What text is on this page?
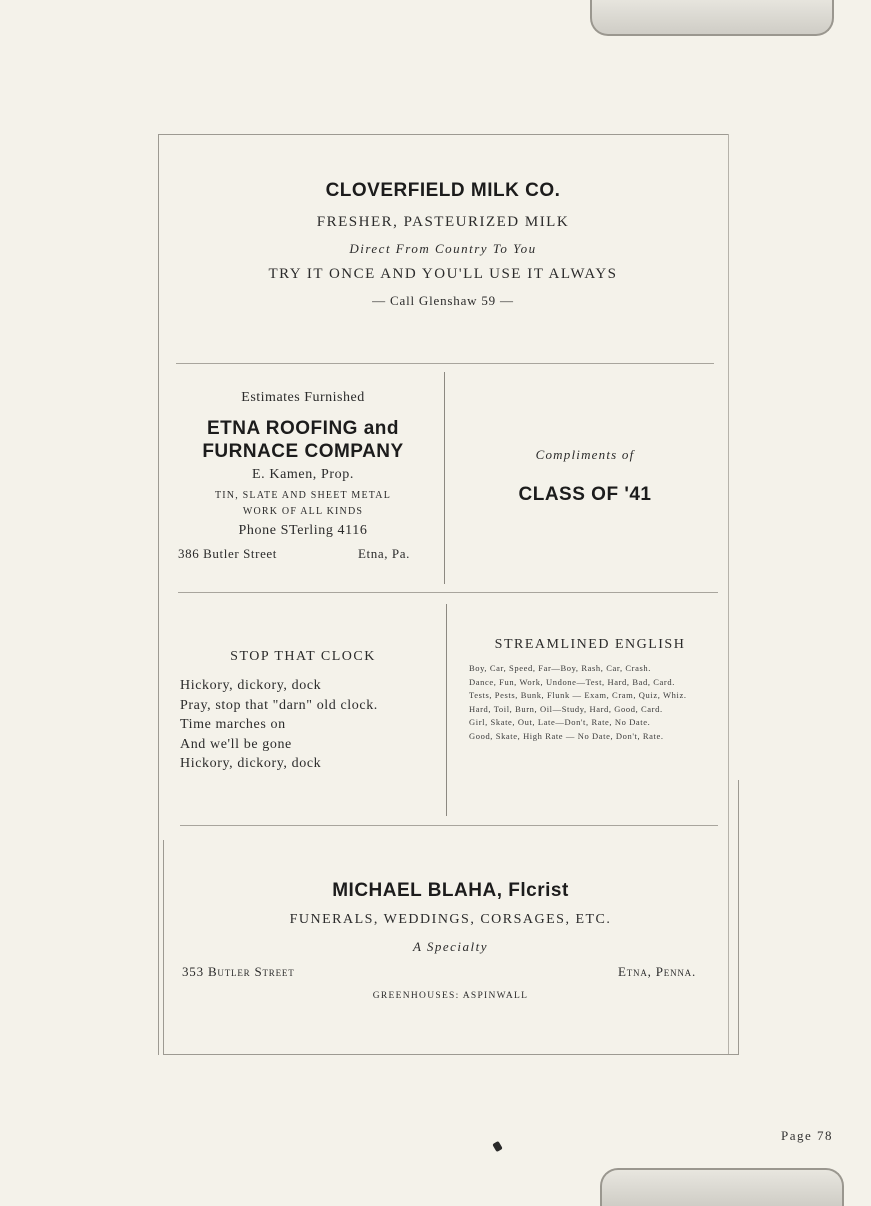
CLOVERFIELD MILK CO.
FRESHER, PASTEURIZED MILK
Direct From Country To You
TRY IT ONCE AND YOU'LL USE IT ALWAYS
— Call Glenshaw 59 —
Estimates Furnished
ETNA ROOFING and
FURNACE COMPANY
E. Kamen, Prop.
TIN, SLATE AND SHEET METAL
WORK OF ALL KINDS
Phone STerling 4116
386 Butler Street	Etna, Pa.
Compliments of
CLASS OF '41
STOP THAT CLOCK
Hickory, dickory, dock
Pray, stop that "darn" old clock.
Time marches on
And we'll be gone
Hickory, dickory, dock
STREAMLINED ENGLISH

Boy, Car, Speed, Far—Boy, Rash, Car, Crash.

Dance, Fun, Work, Undone—Test, Hard, Bad, Card.

Tests, Pests, Bunk, Flunk — Exam, Cram, Quiz, Whiz.

Hard, Toil, Burn, Oil—Study, Hard, Good, Card.

Girl, Skate, Out, Late—Don't, Rate, No Date.

Good, Skate, High Rate — No Date, Don't, Rate.

MICHAEL BLAHA, Flcrist
FUNERALS, WEDDINGS, CORSAGES, ETC.
A Specialty
353 Butler Street	Etna, Penna.
GREENHOUSES: ASPINWALL
Page 78
